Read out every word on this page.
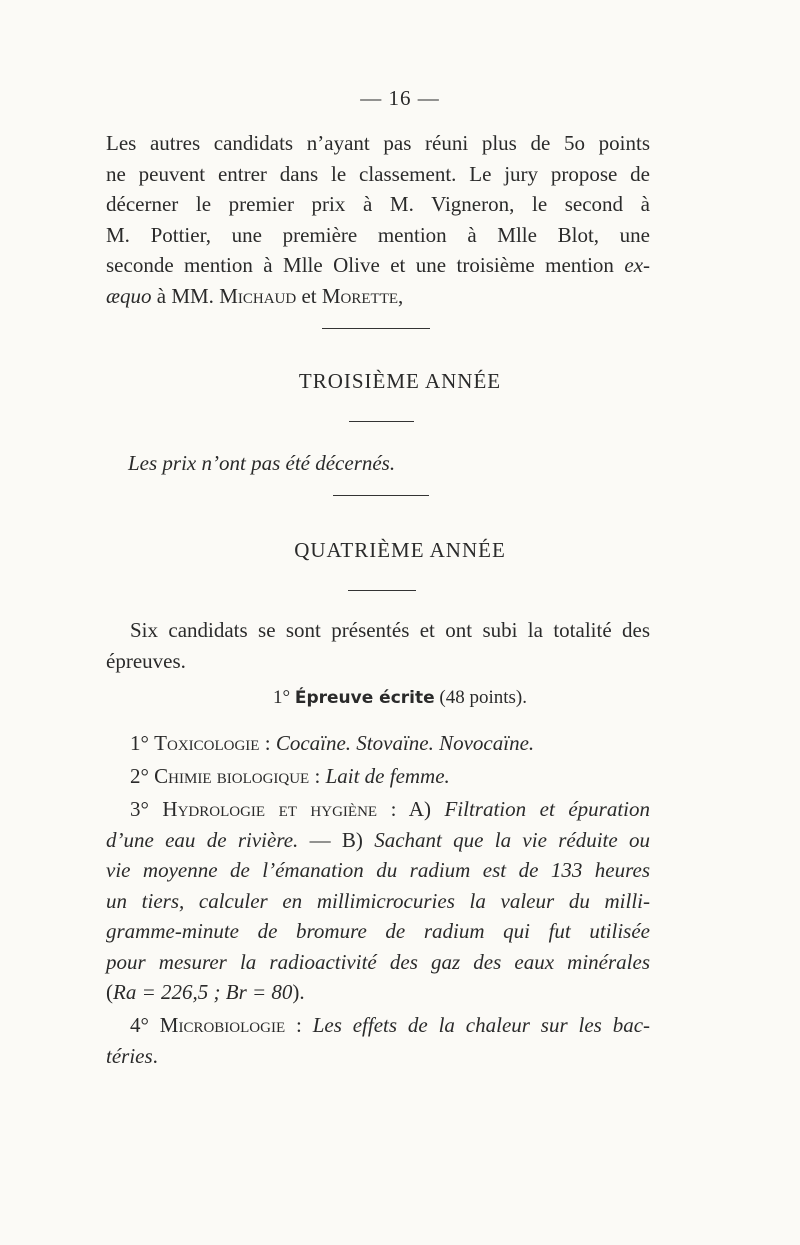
— 16 —
Les autres candidats n’ayant pas réuni plus de 5o points
ne peuvent entrer dans le classement. Le jury propose de
décerner le premier prix à M. Vigneron, le second à
M. Pottier, une première mention à Mlle Blot, une
seconde mention à Mlle Olive et une troisième mention ex-
æquo à MM. Michaud et Morette,
TROISIÈME ANNÉE
Les prix n’ont pas été décernés.
QUATRIÈME ANNÉE
Six candidats se sont présentés et ont subi la totalité des
épreuves.
1° Épreuve écrite (48 points).
1° Toxicologie : Cocaïne. Stovaïne. Novocaïne.
2° Chimie biologique : Lait de femme.
3° Hydrologie et hygiène : A) Filtration et épuration
d’une eau de rivière. — B) Sachant que la vie réduite ou
vie moyenne de l’émanation du radium est de 133 heures
un tiers, calculer en millimicrocuries la valeur du milli-
gramme-minute de bromure de radium qui fut utilisée
pour mesurer la radioactivité des gaz des eaux minérales
(Ra = 226,5 ; Br = 80).
4° Microbiologie : Les effets de la chaleur sur les bac-
téries.
